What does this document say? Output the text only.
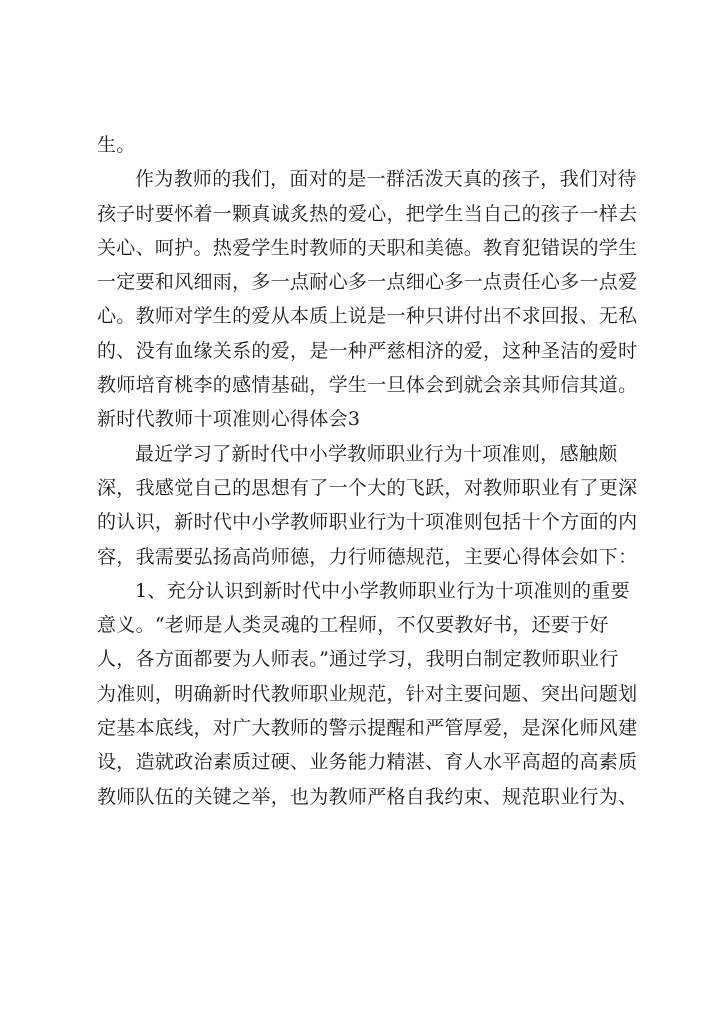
生。
作为教师的我们，面对的是一群活泼天真的孩子，我们对待
孩子时要怀着一颗真诚炙热的爱心，把学生当自己的孩子一样去
关心、呵护。热爱学生时教师的天职和美德。教育犯错误的学生
一定要和风细雨，多一点耐心多一点细心多一点责任心多一点爱
心。教师对学生的爱从本质上说是一种只讲付出不求回报、无私
的、没有血缘关系的爱，是一种严慈相济的爱，这种圣洁的爱时
教师培育桃李的感情基础，学生一旦体会到就会亲其师信其道。
新时代教师十项准则心得体会3
最近学习了新时代中小学教师职业行为十项准则，感触颇
深，我感觉自己的思想有了一个大的飞跃，对教师职业有了更深
的认识，新时代中小学教师职业行为十项准则包括十个方面的内
容，我需要弘扬高尚师德，力行师德规范，主要心得体会如下：
1、充分认识到新时代中小学教师职业行为十项准则的重要
意义。“老师是人类灵魂的工程师，不仅要教好书，还要于好
人，各方面都要为人师表。”通过学习，我明白制定教师职业行
为准则，明确新时代教师职业规范，针对主要问题、突出问题划
定基本底线，对广大教师的警示提醒和严管厚爱，是深化师风建
设，造就政治素质过硬、业务能力精湛、育人水平高超的高素质
教师队伍的关键之举，也为教师严格自我约束、规范职业行为、
